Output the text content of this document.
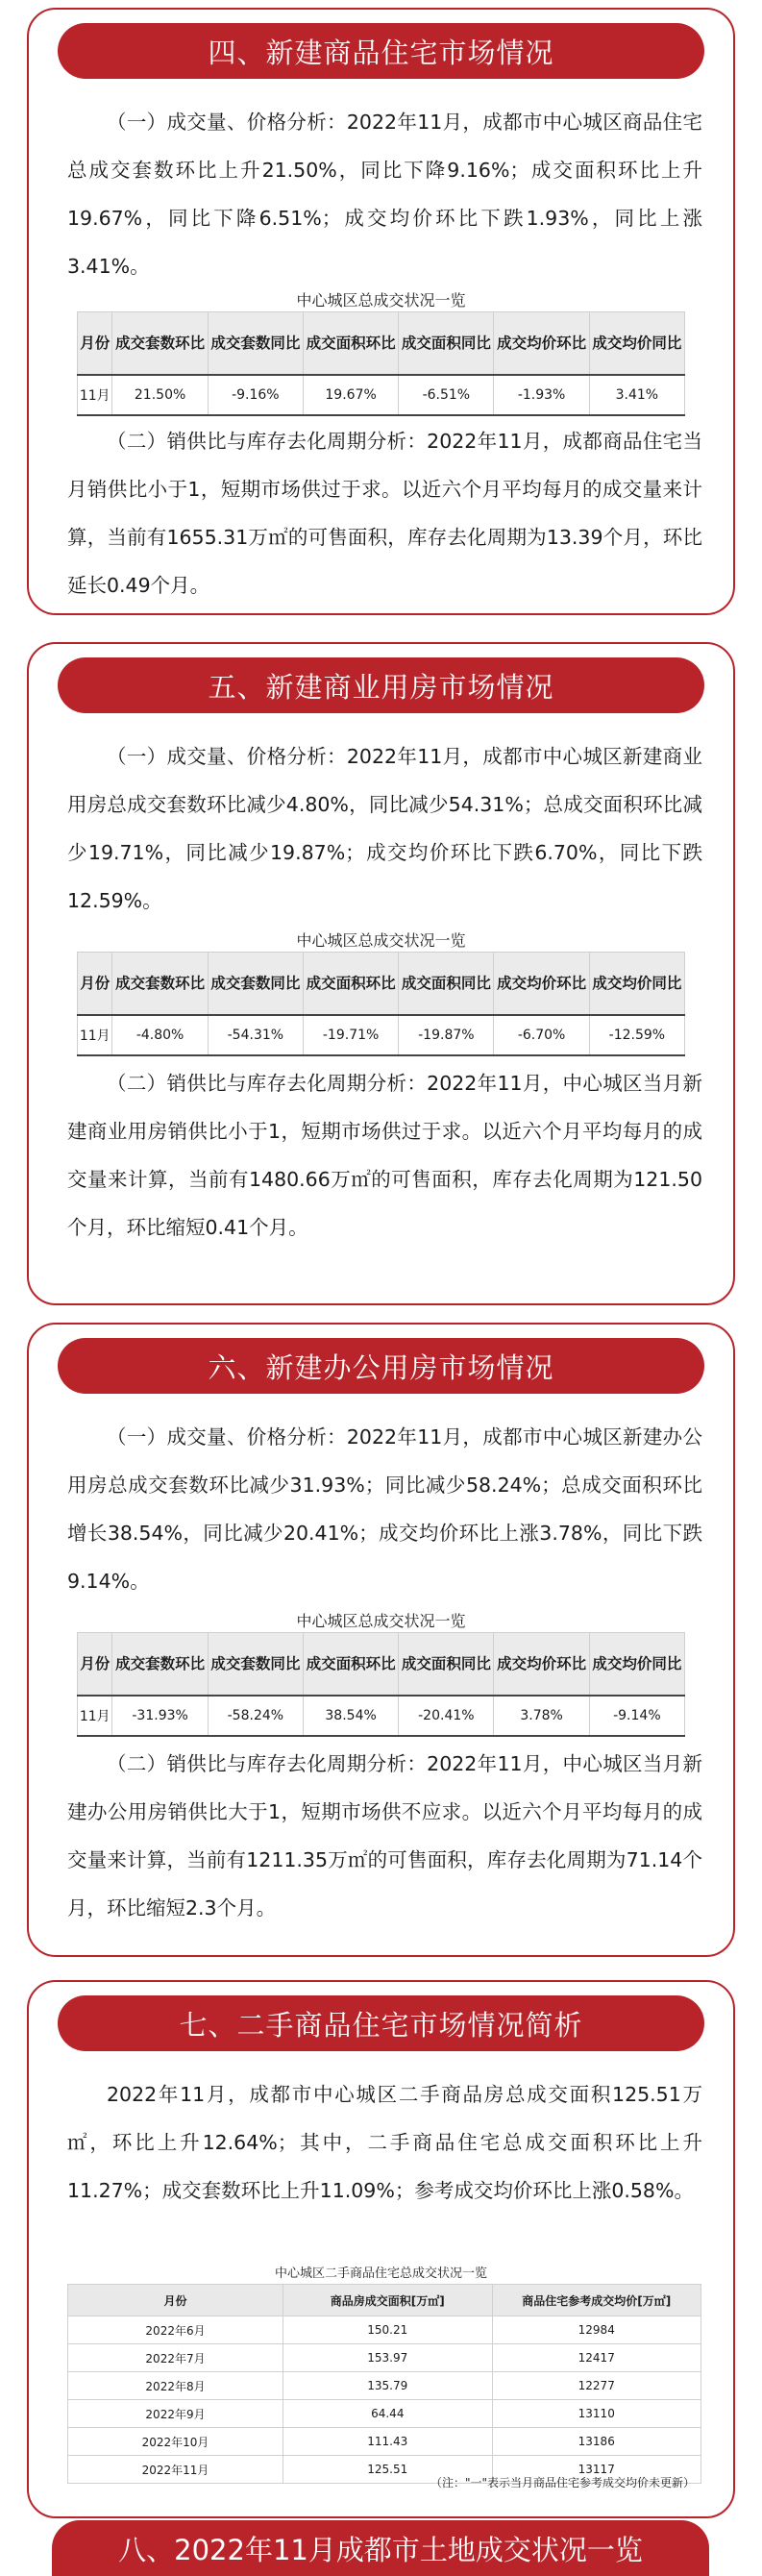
四、新建商品住宅市场情况

（一）成交量、价格分析：2022年11月，成都市中心城区商品住宅总成交套数环比上升21.50%，同比下降9.16%；成交面积环比上升19.67%，同比下降6.51%；成交均价环比下跌1.93%，同比上涨3.41%。

中心城区总成交状况一览
月份	成交套数环比	成交套数同比	成交面积环比	成交面积同比	成交均价环比	成交均价同比
11月	21.50%	-9.16%	19.67%	-6.51%	-1.93%	3.41%

（二）销供比与库存去化周期分析：2022年11月，成都商品住宅当月销供比小于1，短期市场供过于求。以近六个月平均每月的成交量来计算，当前有1655.31万㎡的可售面积，库存去化周期为13.39个月，环比延长0.49个月。

五、新建商业用房市场情况

（一）成交量、价格分析：2022年11月，成都市中心城区新建商业用房总成交套数环比减少4.80%，同比减少54.31%；总成交面积环比减少19.71%，同比减少19.87%；成交均价环比下跌6.70%，同比下跌12.59%。

中心城区总成交状况一览
月份	成交套数环比	成交套数同比	成交面积环比	成交面积同比	成交均价环比	成交均价同比
11月	-4.80%	-54.31%	-19.71%	-19.87%	-6.70%	-12.59%

（二）销供比与库存去化周期分析：2022年11月，中心城区当月新建商业用房销供比小于1，短期市场供过于求。以近六个月平均每月的成交量来计算，当前有1480.66万㎡的可售面积，库存去化周期为121.50个月，环比缩短0.41个月。

六、新建办公用房市场情况

（一）成交量、价格分析：2022年11月，成都市中心城区新建办公用房总成交套数环比减少31.93%；同比减少58.24%；总成交面积环比增长38.54%，同比减少20.41%；成交均价环比上涨3.78%，同比下跌9.14%。

中心城区总成交状况一览
月份	成交套数环比	成交套数同比	成交面积环比	成交面积同比	成交均价环比	成交均价同比
11月	-31.93%	-58.24%	38.54%	-20.41%	3.78%	-9.14%

（二）销供比与库存去化周期分析：2022年11月，中心城区当月新建办公用房销供比大于1，短期市场供不应求。以近六个月平均每月的成交量来计算，当前有1211.35万㎡的可售面积，库存去化周期为71.14个月，环比缩短2.3个月。

七、二手商品住宅市场情况简析

2022年11月，成都市中心城区二手商品房总成交面积125.51万㎡，环比上升12.64%；其中，二手商品住宅总成交面积环比上升11.27%；成交套数环比上升11.09%；参考成交均价环比上涨0.58%。

中心城区二手商品住宅总成交状况一览
月份	商品房成交面积[万㎡]	商品住宅参考成交均价[万㎡]
2022年6月	150.21	12984
2022年7月	153.97	12417
2022年8月	135.79	12277
2022年9月	64.44	13110
2022年10月	111.43	13186
2022年11月	125.51	13117
（注："一"表示当月商品住宅参考成交均价未更新）
八、2022年11月成都市土地成交状况一览
